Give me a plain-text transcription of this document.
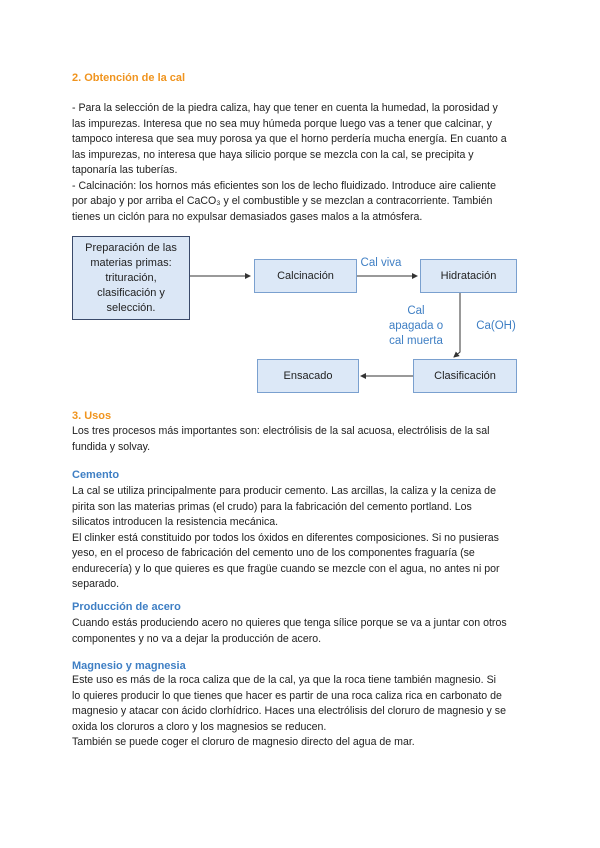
2. Obtención de la cal
- Para la selección de la piedra caliza, hay que tener en cuenta la humedad, la porosidad y
las impurezas. Interesa que no sea muy húmeda porque luego vas a tener que calcinar, y
tampoco interesa que sea muy porosa ya que el horno perdería mucha energía. En cuanto a
las impurezas, no interesa que haya silicio porque se mezcla con la cal, se precipita y
taponaría las tuberías.
- Calcinación: los hornos más eficientes son los de lecho fluidizado. Introduce aire caliente
por abajo y por arriba el CaCO₃ y el combustible y se mezclan a contracorriente. También
tienes un ciclón para no expulsar demasiados gases malos a la atmósfera.
Preparación de las
materias primas:
trituración,
clasificación y
selección.
Calcinación	Hidratación
Clasificación
Ensacado
Cal viva
Cal
apagada o
cal muerta
Ca(OH)
3. Usos
Los tres procesos más importantes son: electrólisis de la sal acuosa, electrólisis de la sal
fundida y solvay.
Cemento
La cal se utiliza principalmente para producir cemento. Las arcillas, la caliza y la ceniza de
pirita son las materias primas (el crudo) para la fabricación del cemento portland. Los
silicatos introducen la resistencia mecánica.
El clinker está constituido por todos los óxidos en diferentes composiciones. Si no pusieras
yeso, en el proceso de fabricación del cemento uno de los componentes fraguaría (se
endurecería) y lo que quieres es que fragüe cuando se mezcle con el agua, no antes ni por
separado.
Producción de acero
Cuando estás produciendo acero no quieres que tenga sílice porque se va a juntar con otros
componentes y no va a dejar la producción de acero.
Magnesio y magnesia
Este uso es más de la roca caliza que de la cal, ya que la roca tiene también magnesio. Si
lo quieres producir lo que tienes que hacer es partir de una roca caliza rica en carbonato de
magnesio y atacar con ácido clorhídrico. Haces una electrólisis del cloruro de magnesio y se
oxida los cloruros a cloro y los magnesios se reducen.
También se puede coger el cloruro de magnesio directo del agua de mar.
